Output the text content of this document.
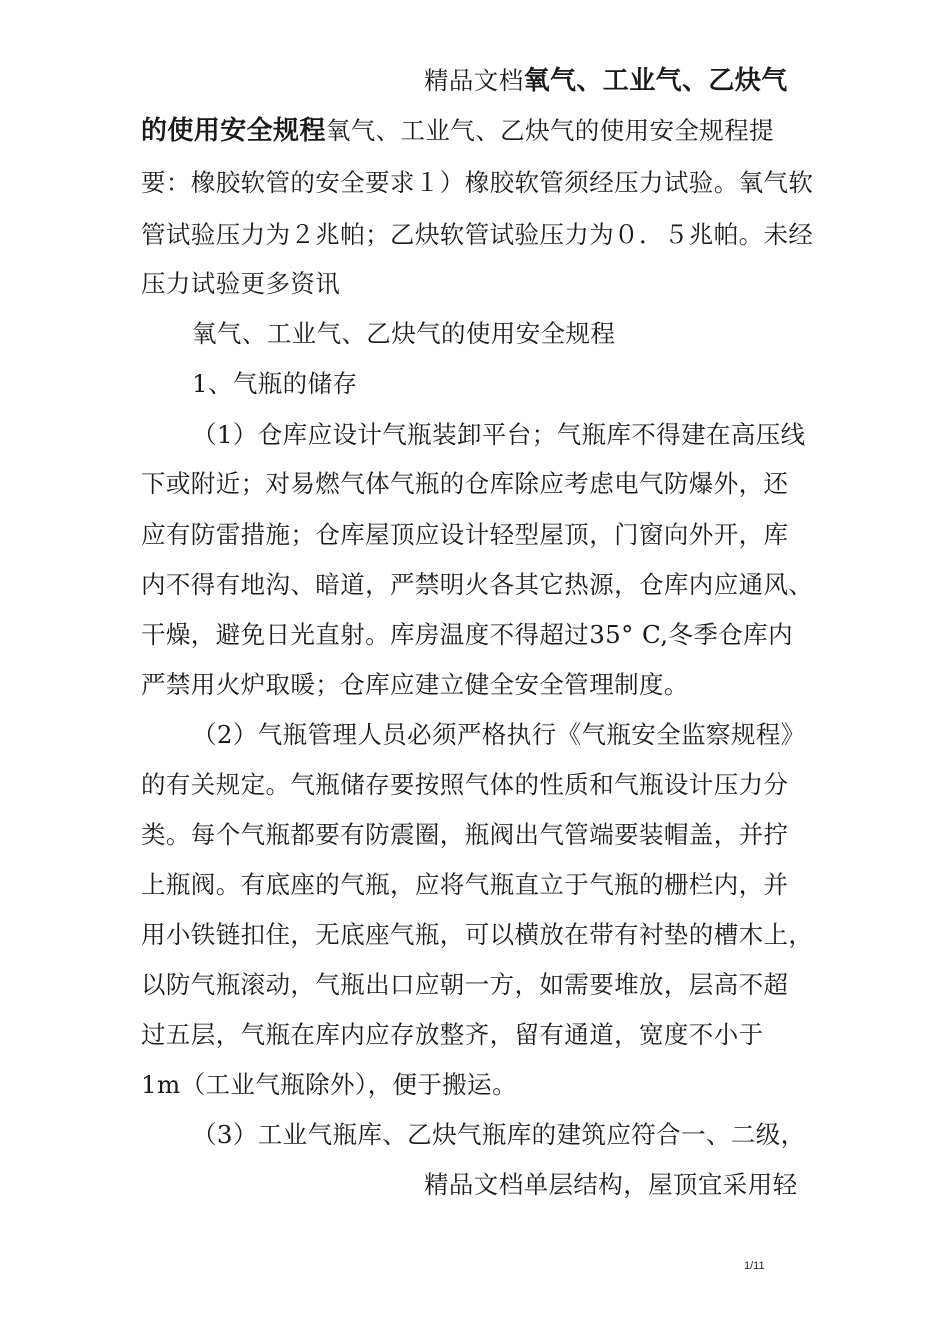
精品文档氧气、工业气、乙炔气
的使用安全规程氧气、工业气、乙炔气的使用安全规程提
要：橡胶软管的安全要求１）橡胶软管须经压力试验。氧气软
管试验压力为２兆帕；乙炔软管试验压力为０．５兆帕。未经
压力试验更多资讯
氧气、工业气、乙炔气的使用安全规程
1、气瓶的储存
（1）仓库应设计气瓶装卸平台；气瓶库不得建在高压线
下或附近；对易燃气体气瓶的仓库除应考虑电气防爆外，还
应有防雷措施；仓库屋顶应设计轻型屋顶，门窗向外开，库
内不得有地沟、暗道，严禁明火各其它热源，仓库内应通风、
干燥，避免日光直射。库房温度不得超过35° C,冬季仓库内
严禁用火炉取暖；仓库应建立健全安全管理制度。
（2）气瓶管理人员必须严格执行《气瓶安全监察规程》
的有关规定。气瓶储存要按照气体的性质和气瓶设计压力分
类。每个气瓶都要有防震圈，瓶阀出气管端要装帽盖，并拧
上瓶阀。有底座的气瓶，应将气瓶直立于气瓶的栅栏内，并
用小铁链扣住，无底座气瓶，可以横放在带有衬垫的槽木上，
以防气瓶滚动，气瓶出口应朝一方，如需要堆放，层高不超
过五层，气瓶在库内应存放整齐，留有通道，宽度不小于
1m（工业气瓶除外），便于搬运。
（3）工业气瓶库、乙炔气瓶库的建筑应符合一、二级，
精品文档单层结构，屋顶宜采用轻
1/11
